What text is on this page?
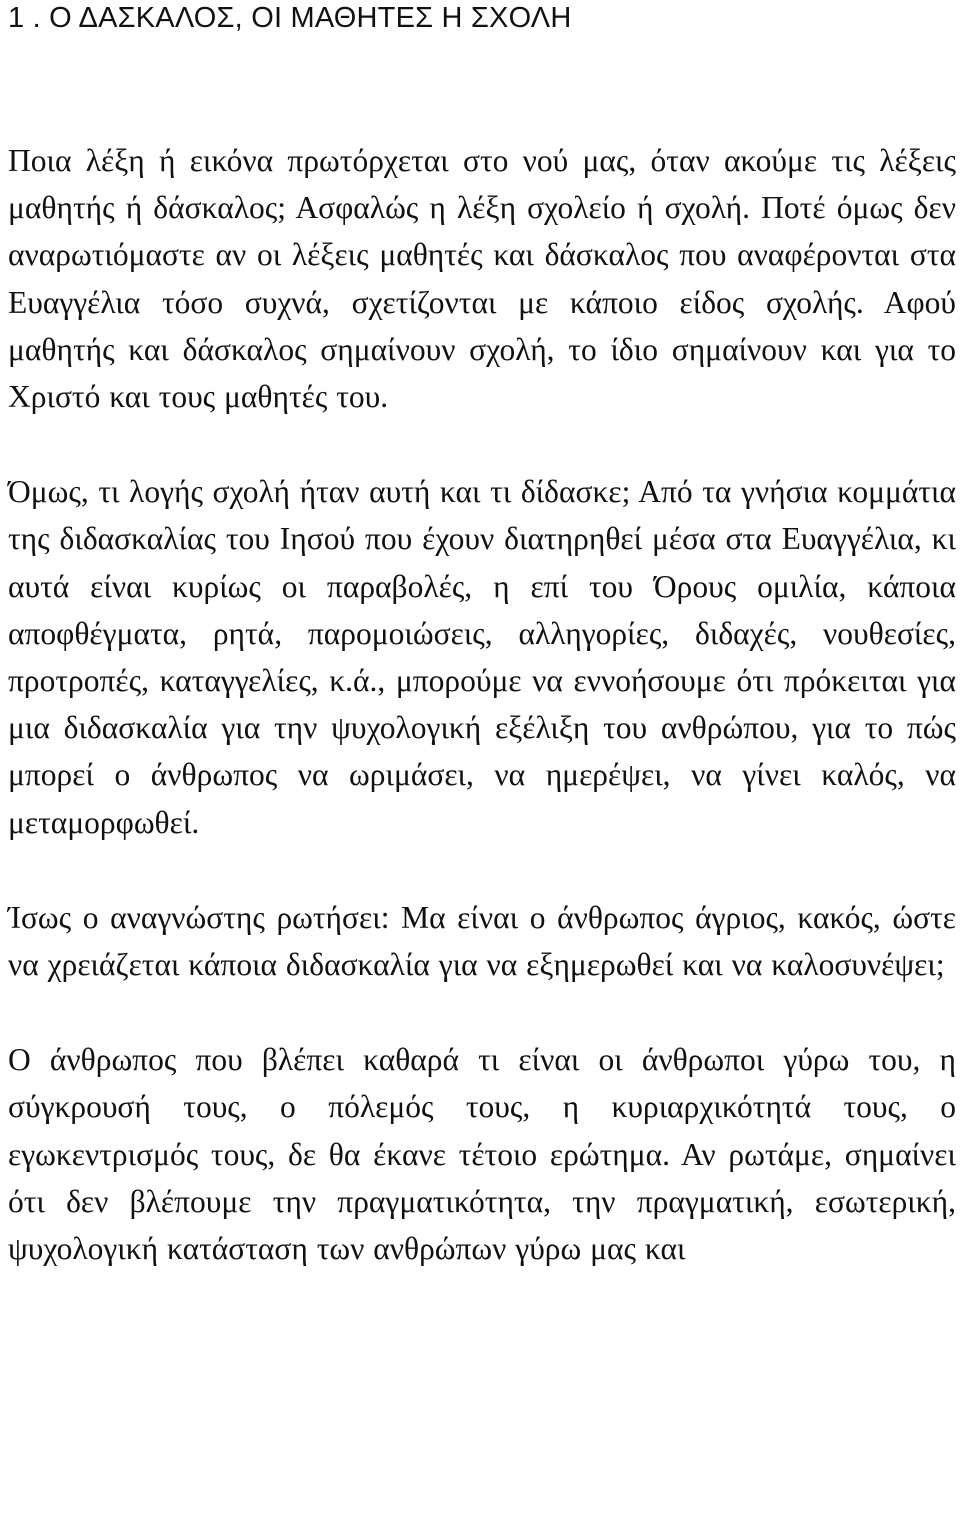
1 . Ο ΔΑΣΚΑΛΟΣ, ΟΙ ΜΑΘΗΤΕΣ Η ΣΧΟΛΗ

Ποια λέξη ή εικόνα πρωτόρχεται στο νού μας, όταν ακούμε τις λέξεις μαθητής ή δάσκαλος; Ασφαλώς η λέξη σχολείο ή σχολή. Ποτέ όμως δεν αναρωτιόμαστε αν οι λέξεις μαθητές και δάσκαλος που αναφέρονται στα Ευαγγέλια τόσο συχνά, σχετίζονται με κάποιο είδος σχολής. Αφού μαθητής και δάσκαλος σημαίνουν σχολή, το ίδιο σημαίνουν και για το Χριστό και τους μαθητές του.

Όμως, τι λογής σχολή ήταν αυτή και τι δίδασκε; Από τα γνήσια κομμάτια της διδασκαλίας του Ιησού που έχουν διατηρηθεί μέσα στα Ευαγγέλια, κι αυτά είναι κυρίως οι παραβολές, η επί του Όρους ομιλία, κάποια αποφθέγματα, ρητά, παρομοιώσεις, αλληγορίες, διδαχές, νουθεσίες, προτροπές, καταγγελίες, κ.ά., μπορούμε να εννοήσουμε ότι πρόκειται για μια διδασκαλία για την ψυχολογική εξέλιξη του ανθρώπου, για το πώς μπορεί ο άνθρωπος να ωριμάσει, να ημερέψει, να γίνει καλός, να μεταμορφωθεί.

Ίσως ο αναγνώστης ρωτήσει: Μα είναι ο άνθρωπος άγριος, κακός, ώστε να χρειάζεται κάποια διδασκαλία για να εξημερωθεί και να καλοσυνέψει;

Ο άνθρωπος που βλέπει καθαρά τι είναι οι άνθρωποι γύρω του, η σύγκρουσή τους, ο πόλεμός τους, η κυριαρχικότητά τους, ο εγωκεντρισμός τους, δε θα έκανε τέτοιο ερώτημα. Αν ρωτάμε, σημαίνει ότι δεν βλέπουμε την πραγματικότητα, την πραγματική, εσωτερική, ψυχολογική κατάσταση των ανθρώπων γύρω μας και
